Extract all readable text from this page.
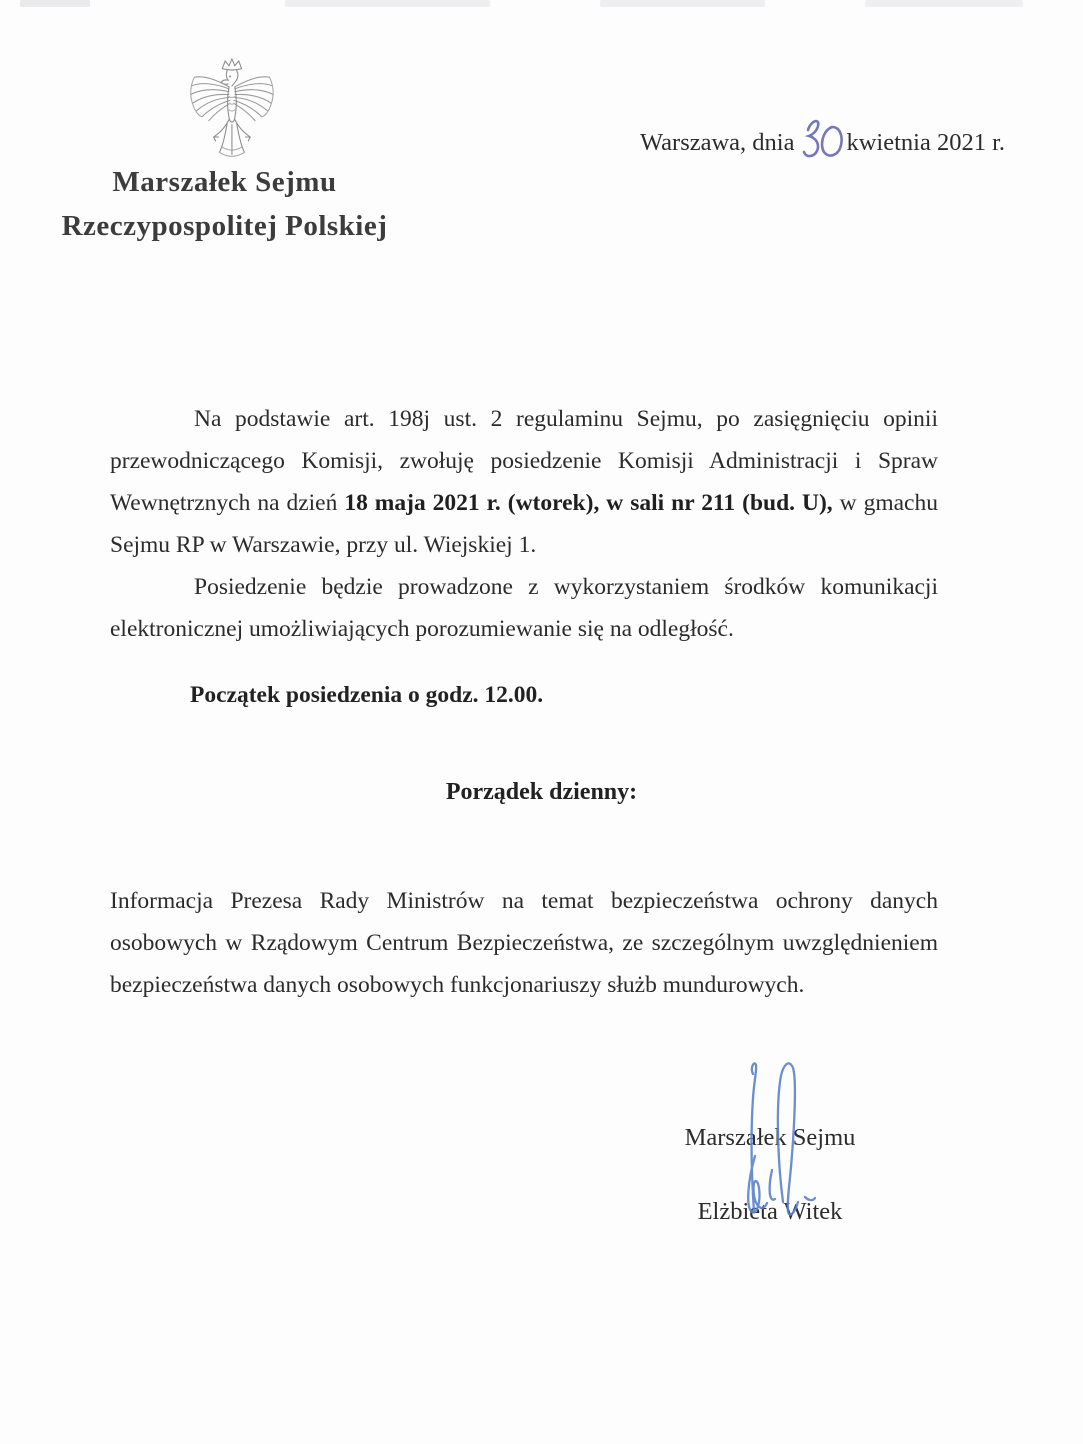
Marszałek Sejmu
Rzeczypospolitej Polskiej
Warszawa, dnia kwietnia 2021 r.

Na podstawie art. 198j ust. 2 regulaminu Sejmu, po zasięgnięciu opinii przewodniczącego Komisji, zwołuję posiedzenie Komisji Administracji i Spraw Wewnętrznych na dzień 18 maja 2021 r. (wtorek), w sali nr 211 (bud. U), w gmachu Sejmu RP w Warszawie, przy ul. Wiejskiej 1.

Posiedzenie będzie prowadzone z wykorzystaniem środków komunikacji elektronicznej umożliwiających porozumiewanie się na odległość.

Początek posiedzenia o godz. 12.00.
Porządek dzienny:

Informacja Prezesa Rady Ministrów na temat bezpieczeństwa ochrony danych osobowych w Rządowym Centrum Bezpieczeństwa, ze szczególnym uwzględnieniem bezpieczeństwa danych osobowych funkcjonariuszy służb mundurowych.

Marszałek Sejmu
Elżbieta Witek
